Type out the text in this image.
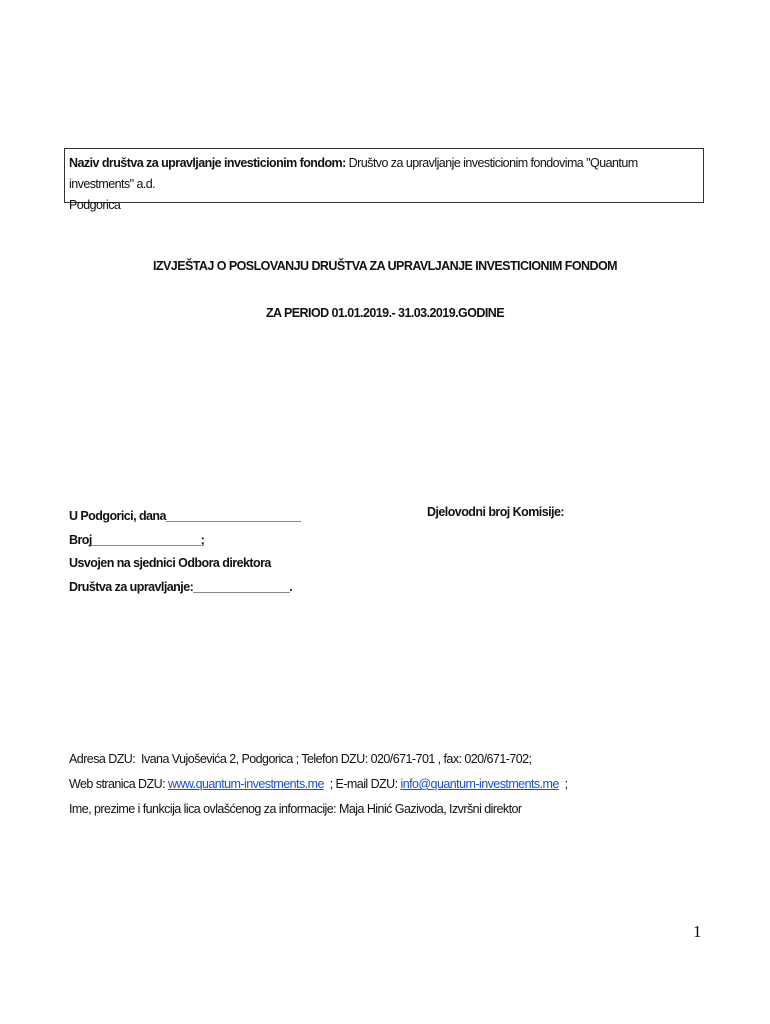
Naziv društva za upravljanje investicionim fondom: Društvo za upravljanje investicionim fondovima "Quantum investments" a.d.
Podgorica
IZVJEŠTAJ O POSLOVANJU DRUŠTVA ZA UPRAVLJANJE INVESTICIONIM FONDOM
ZA PERIOD 01.01.2019.- 31.03.2019.GODINE
U Podgorici, dana_____________________
Broj_________________;
Usvojen na sjednici Odbora direktora
Društva za upravljanje:_______________.
Djelovodni broj Komisije:
Adresa DZU:  Ivana Vujoševića 2, Podgorica ; Telefon DZU: 020/671-701 , fax: 020/671-702;
Web stranica DZU: www.quantum-investments.me  ; E-mail DZU: info@quantum-investments.me  ;
Ime, prezime i funkcija lica ovlašćenog za informacije: Maja Hinić Gazivoda, Izvršni direktor
1
